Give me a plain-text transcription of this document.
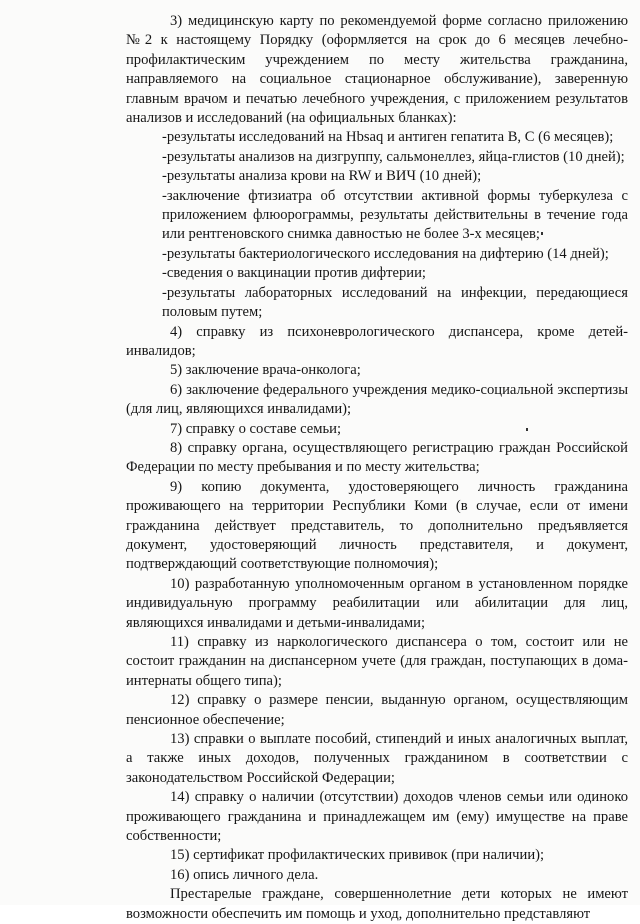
3) медицинскую карту по рекомендуемой форме согласно приложению №2 к настоящему Порядку (оформляется на срок до 6 месяцев лечебно-профилактическим учреждением по месту жительства гражданина, направляемого на социальное стационарное обслуживание), заверенную главным врачом и печатью лечебного учреждения, с приложением результатов анализов и исследований (на официальных бланках):

-результаты исследований на Hbsaq и антиген гепатита В, С (6 месяцев);

-результаты анализов на дизгруппу, сальмонеллез, яйца-глистов (10 дней);

-результаты анализа крови на RW и ВИЧ (10 дней);

-заключение фтизиатра об отсутствии активной формы туберкулеза с приложением флюорограммы, результаты действительны в течение года или рентгеновского снимка давностью не более 3-х месяцев;

-результаты бактериологического исследования на дифтерию (14 дней);

-сведения о вакцинации против дифтерии;

-результаты лабораторных исследований на инфекции, передающиеся половым путем;

4) справку из психоневрологического диспансера, кроме детей-инвалидов;

5) заключение врача-онколога;

6) заключение федерального учреждения медико-социальной экспертизы (для лиц, являющихся инвалидами);

7) справку о составе семьи;

8) справку органа, осуществляющего регистрацию граждан Российской Федерации по месту пребывания и по месту жительства;

9) копию документа, удостоверяющего личность гражданина проживающего на территории Республики Коми (в случае, если от имени гражданина действует представитель, то дополнительно предъявляется документ, удостоверяющий личность представителя, и документ, подтверждающий соответствующие полномочия);

10) разработанную уполномоченным органом в установленном порядке индивидуальную программу реабилитации или абилитации для лиц, являющихся инвалидами и детьми-инвалидами;

11) справку из наркологического диспансера о том, состоит или не состоит гражданин на диспансерном учете (для граждан, поступающих в дома-интернаты общего типа);

12) справку о размере пенсии, выданную органом, осуществляющим пенсионное обеспечение;

13) справки о выплате пособий, стипендий и иных аналогичных выплат, а также иных доходов, полученных гражданином в соответствии с законодательством Российской Федерации;

14) справку о наличии (отсутствии) доходов членов семьи или одиноко проживающего гражданина и принадлежащем им (ему) имуществе на праве собственности;

15) сертификат профилактических прививок (при наличии);

16) опись личного дела.

Престарелые граждане, совершеннолетние дети которых не имеют возможности обеспечить им помощь и уход, дополнительно представляют
